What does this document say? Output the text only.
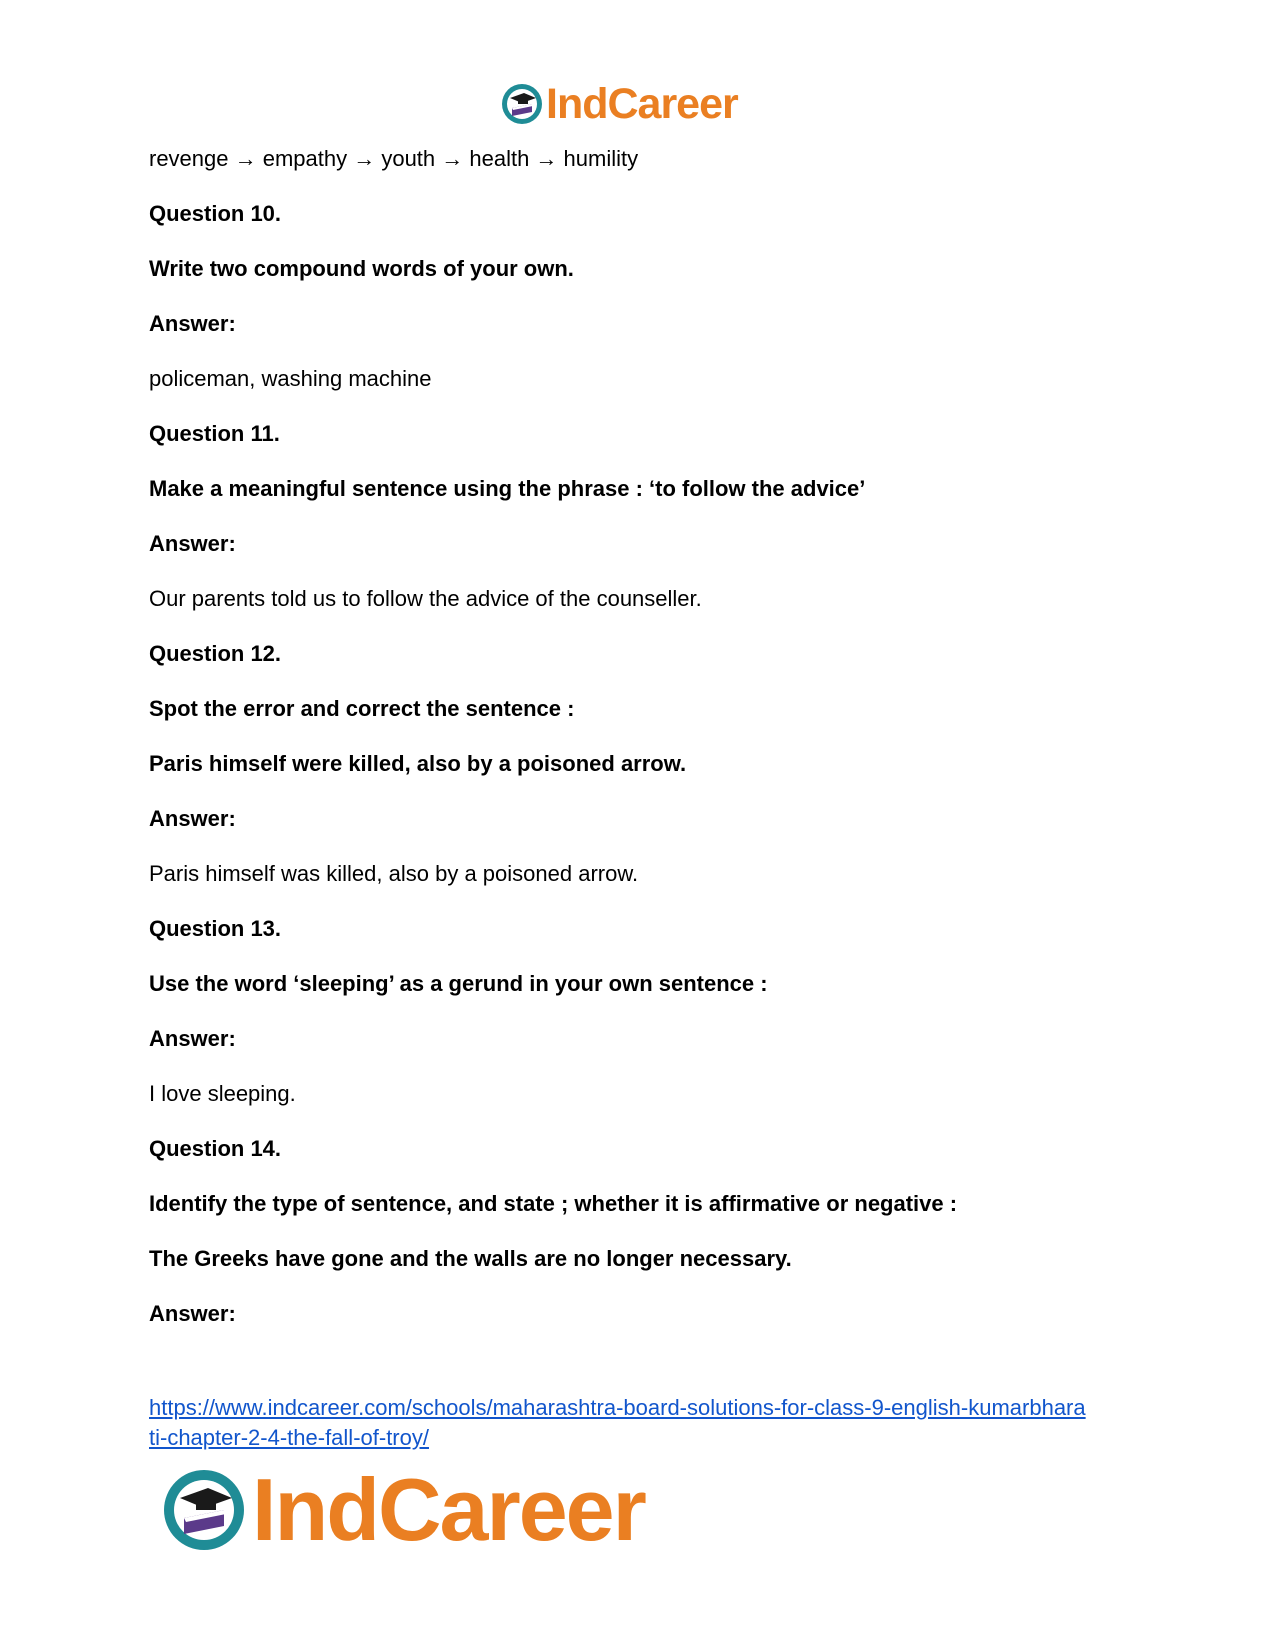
IndCareer
revenge → empathy → youth → health → humility
Question 10.
Write two compound words of your own.
Answer:
policeman, washing machine
Question 11.
Make a meaningful sentence using the phrase : ‘to follow the advice’
Answer:
Our parents told us to follow the advice of the counseller.
Question 12.
Spot the error and correct the sentence :
Paris himself were killed, also by a poisoned arrow.
Answer:
Paris himself was killed, also by a poisoned arrow.
Question 13.
Use the word ‘sleeping’ as a gerund in your own sentence :
Answer:
I love sleeping.
Question 14.
Identify the type of sentence, and state ; whether it is affirmative or negative :
The Greeks have gone and the walls are no longer necessary.
Answer:
https://www.indcareer.com/schools/maharashtra-board-solutions-for-class-9-english-kumarbhara
ti-chapter-2-4-the-fall-of-troy/
IndCareer
